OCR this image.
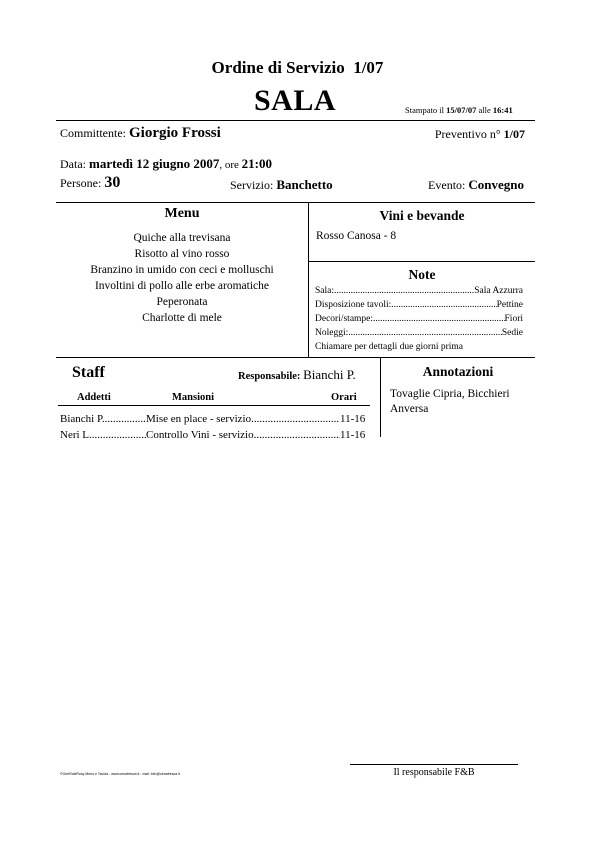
Ordine di Servizio  1/07
SALA	Stampato il 15/07/07 alle 16:41
Committente: Giorgio Frossi	Preventivo n° 1/07
Data: martedì 12 giugno 2007, ore 21:00
Persone: 30	Servizio: Banchetto	Evento: Convegno
Menu
Quiche alla trevisana
Risotto al vino rosso
Branzino in umido con ceci e molluschi
Involtini di pollo alle erbe aromatiche
Peperonata
Charlotte di mele
Vini e bevande
Rosso Canosa - 8
Note
Sala: .....	Sala Azzurra
Disposizione tavoli: .....	Pettine
Decori/stampe: .....	Fiori
Noleggi: .....	Sedie
Chiamare per dettagli due giorni prima
Staff	Responsabile: Bianchi P.
Addetti	Mansioni	Orari
Bianchi P. .....	Mise en place - servizio .....	11-16
Neri L. .....	Controllo Vini - servizio .....	11-16
Annotazioni
Tovaglie Cipria, Bicchieri
Anversa
©OneRoleRosy Menu e Tavola - www.cenafresca.it - mail: info@cenafresca.it	Il responsabile F&B
